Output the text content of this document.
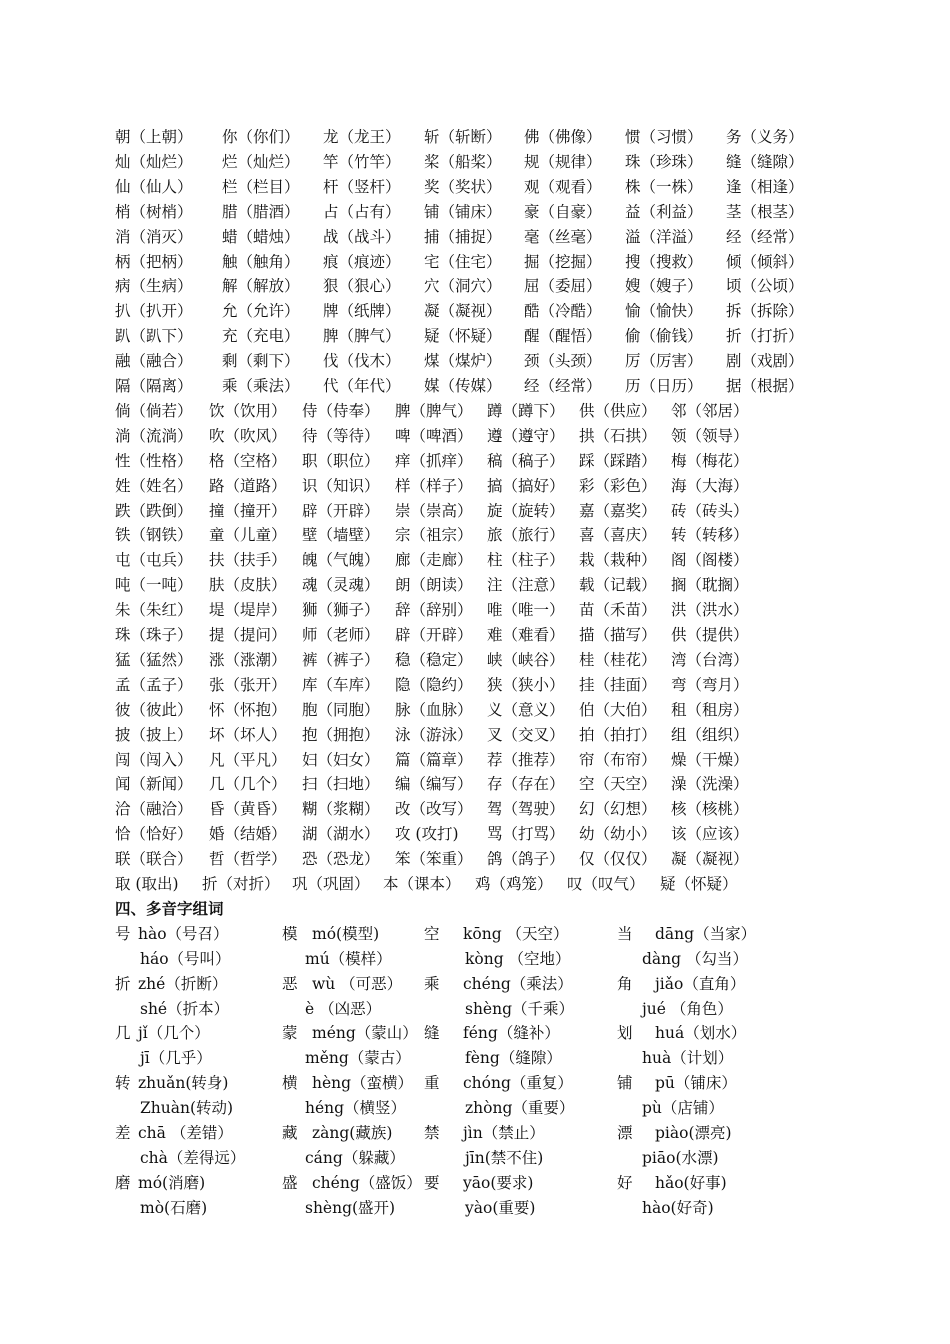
朝（上朝） 你（你们） 龙（龙王） 斩（斩断） 佛（佛像） 惯（习惯） 务（义务）
灿（灿烂） 烂（灿烂） 竿（竹竿） 桨（船桨） 规（规律） 珠（珍珠） 缝（缝隙）
仙（仙人） 栏（栏目） 杆（竖杆） 奖（奖状） 观（观看） 株（一株） 逢（相逢）
梢（树梢） 腊（腊酒） 占（占有） 铺（铺床） 豪（自豪） 益（利益） 茎（根茎）
消（消灭） 蜡（蜡烛） 战（战斗） 捕（捕捉） 毫（丝毫） 溢（洋溢） 经（经常）
柄（把柄） 触（触角） 痕（痕迹） 宅（住宅） 掘（挖掘） 搜（搜救） 倾（倾斜）
病（生病） 解（解放） 狠（狠心） 穴（洞穴） 屈（委屈） 嫂（嫂子） 顷（公顷）
扒（扒开） 允（允许） 牌（纸牌） 凝（凝视） 酷（冷酷） 愉（愉快） 拆（拆除）
趴（趴下） 充（充电） 脾（脾气） 疑（怀疑） 醒（醒悟） 偷（偷钱） 折（打折）
融（融合） 剩（剩下） 伐（伐木） 煤（煤炉） 颈（头颈） 厉（厉害） 剧（戏剧）
隔（隔离） 乘（乘法） 代（年代） 媒（传媒） 经（经常） 历（日历） 据（根据）
倘（倘若） 饮（饮用） 侍（侍奉） 脾（脾气） 蹲（蹲下） 供（供应） 邻（邻居）
淌（流淌） 吹（吹风） 待（等待） 啤（啤酒） 遵（遵守） 拱（石拱） 领（领导）
性（性格） 格（空格） 职（职位） 痒（抓痒） 稿（稿子） 踩（踩踏） 梅（梅花）
姓（姓名） 路（道路） 识（知识） 样（样子） 搞（搞好） 彩（彩色） 海（大海）
跌（跌倒） 撞（撞开） 辟（开辟） 崇（崇高） 旋（旋转） 嘉（嘉奖） 砖（砖头）
铁（钢铁） 童（儿童） 壁（墙壁） 宗（祖宗） 旅（旅行） 喜（喜庆） 转（转移）
屯（屯兵） 扶（扶手） 魄（气魄） 廊（走廊） 柱（柱子） 栽（栽种） 阁（阁楼）
吨（一吨） 肤（皮肤） 魂（灵魂） 朗（朗读） 注（注意） 载（记载） 搁（耽搁）
朱（朱红） 堤（堤岸） 狮（狮子） 辞（辞别） 唯（唯一） 苗（禾苗） 洪（洪水）
珠（珠子） 提（提问） 师（老师） 辟（开辟） 难（难看） 描（描写） 供（提供）
猛（猛然） 涨（涨潮） 裤（裤子） 稳（稳定） 峡（峡谷） 桂（桂花） 湾（台湾）
孟（孟子） 张（张开） 库（车库） 隐（隐约） 狭（狭小） 挂（挂面） 弯（弯月）
彼（彼此） 怀（怀抱） 胞（同胞） 脉（血脉） 义（意义） 伯（大伯） 租（租房）
披（披上） 坏（坏人） 抱（拥抱） 泳（游泳） 叉（交叉） 拍（拍打） 组（组织）
闯（闯入） 凡（平凡） 妇（妇女） 篇（篇章） 荐（推荐） 帘（布帘） 燥（干燥）
闻（新闻） 几（几个） 扫（扫地） 编（编写） 存（存在） 空（天空） 澡（洗澡）
洽（融洽） 昏（黄昏） 糊（浆糊） 改（改写） 驾（驾驶） 幻（幻想） 核（核桃）
恰（恰好） 婚（结婚） 湖（湖水） 攻 (攻打) 骂（打骂） 幼（幼小） 该（应该）
联（联合） 哲（哲学） 恐（恐龙） 笨（笨重） 鸽（鸽子） 仅（仅仅） 凝（凝视）
取 (取出) 折（对折） 巩（巩固） 本（课本） 鸡（鸡笼） 叹（叹气） 疑（怀疑）
四、多音字组词
号 hào（号召）	模 mó(模型)	空 kōng （天空）	当 dāng（当家）
háo（号叫）	mú（模样）	kòng （空地）	dàng （勾当）
折 zhé（折断）	恶 wù （可恶） 乘 chéng（乘法）	角 jiǎo（直角）
shé（折本）	è （凶恶）	shèng（千乘）	jué （角色）
几 jǐ（几个）	蒙 méng（蒙山） 缝 féng（缝补）	划 huá（划水）
jī（几乎）	měng（蒙古）	fèng（缝隙）	huà（计划）
转 zhuǎn(转身)	横 hèng（蛮横） 重 chóng（重复）	铺 pū（铺床）
Zhuàn(转动)	héng（横竖）	zhòng（重要）	pù（店铺）
差 chā （差错）	藏 zàng(藏族) 禁 jìn（禁止）	漂 piào(漂亮)
chà（差得远）	cáng（躲藏）	jīn(禁不住)	piāo(水漂)
磨 mó(消磨)	盛 chéng（盛饭） 要 yāo(要求)	好 hǎo(好事)
mò(石磨)	shèng(盛开)	yào(重要)	hào(好奇)
